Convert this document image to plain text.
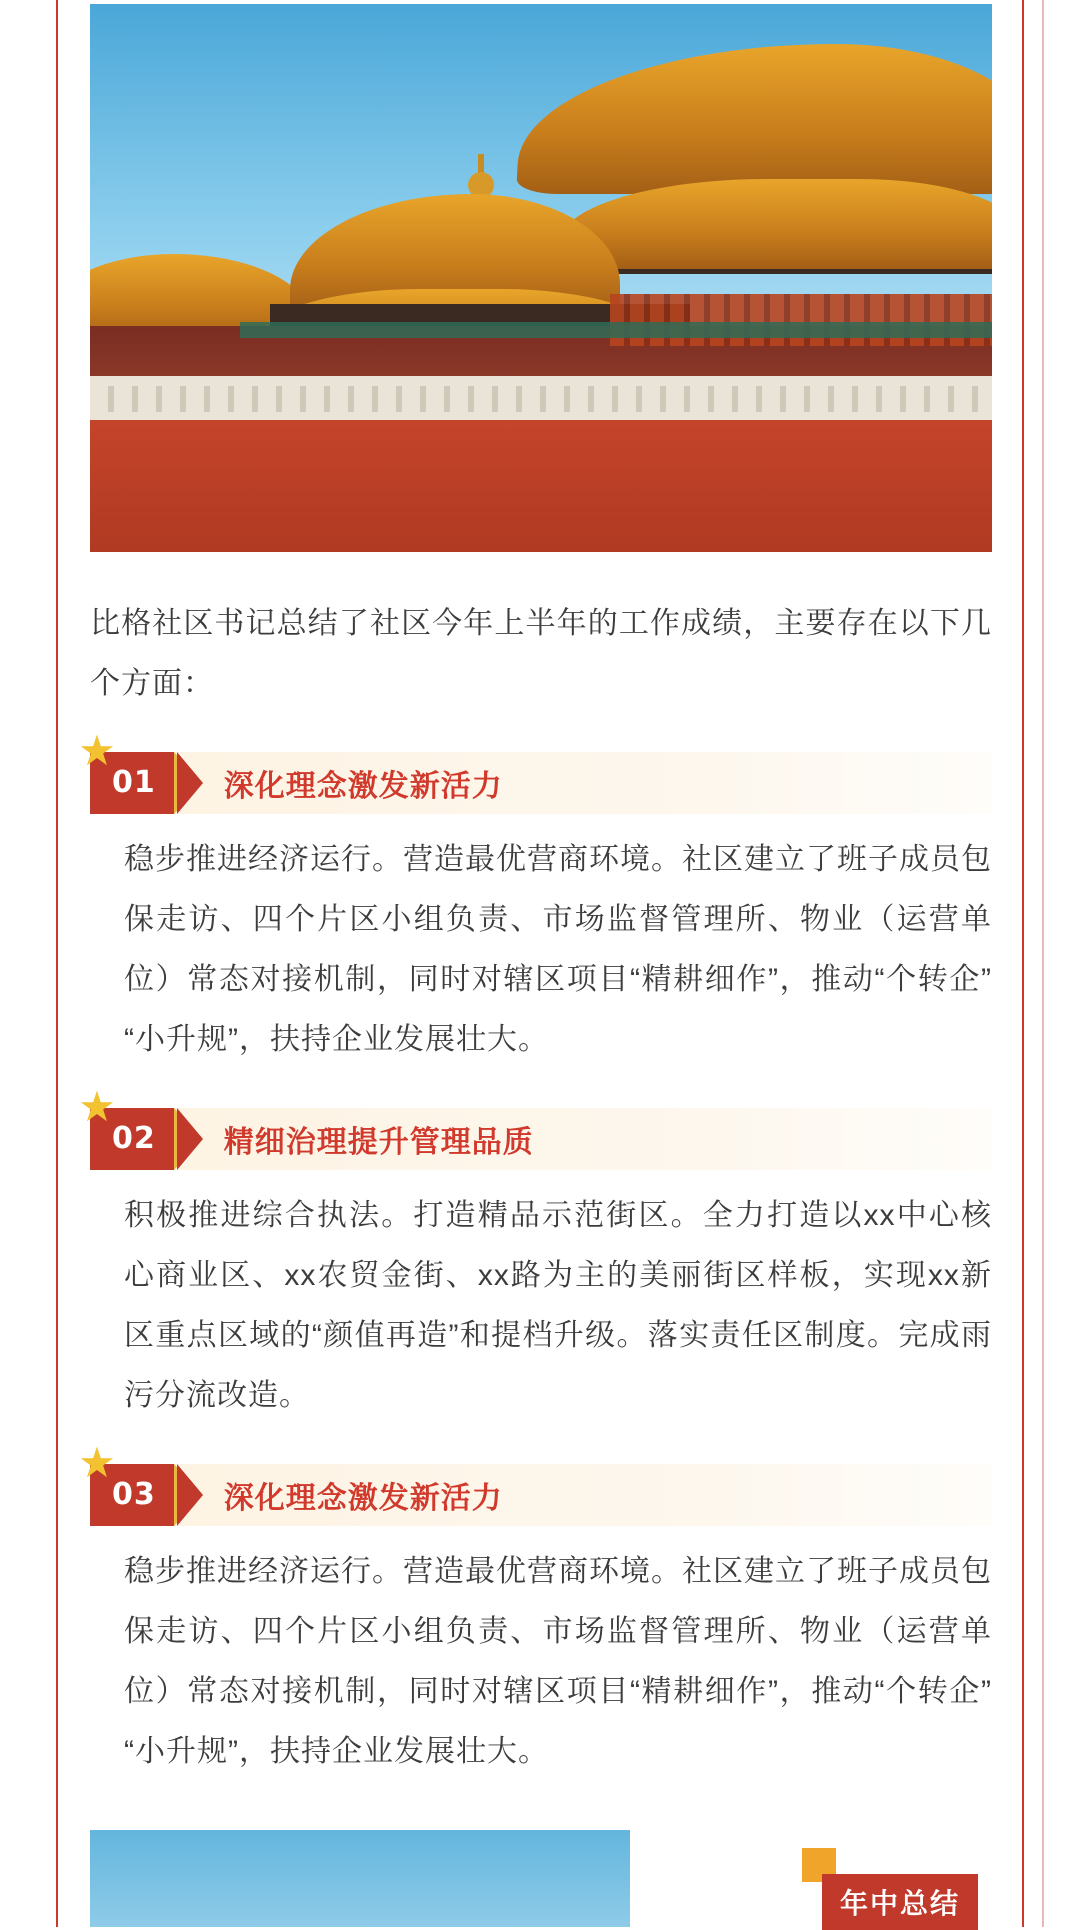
比格社区书记总结了社区今年上半年的工作成绩，主要存在以下几个方面：

★
01	深化理念激发新活力

稳步推进经济运行。营造最优营商环境。社区建立了班子成员包保走访、四个片区小组负责、市场监督管理所、物业（运营单位）常态对接机制，同时对辖区项目“精耕细作”，推动“个转企”“小升规”，扶持企业发展壮大。

★
02	精细治理提升管理品质

积极推进综合执法。打造精品示范街区。全力打造以xx中心核心商业区、xx农贸金街、xx路为主的美丽街区样板，实现xx新区重点区域的“颜值再造”和提档升级。落实责任区制度。完成雨污分流改造。

★
03	深化理念激发新活力

稳步推进经济运行。营造最优营商环境。社区建立了班子成员包保走访、四个片区小组负责、市场监督管理所、物业（运营单位）常态对接机制，同时对辖区项目“精耕细作”，推动“个转企”“小升规”，扶持企业发展壮大。

年中总结
